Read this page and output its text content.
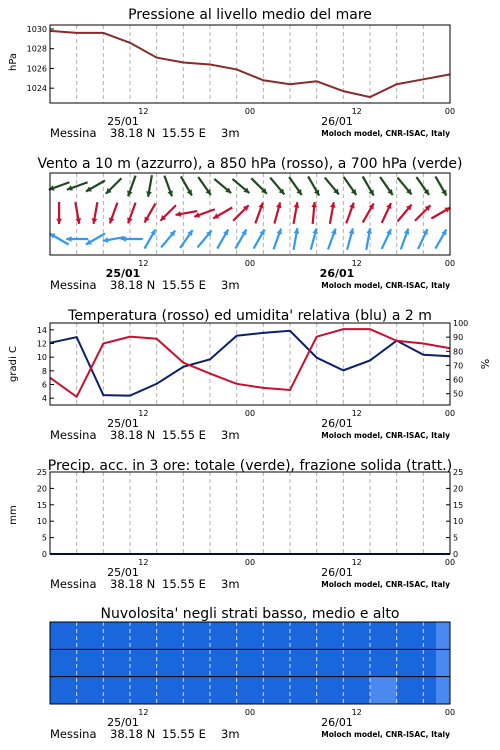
Pressione al livello medio del mare
hPa
1024
1026
1028
1030
12	00	12	00
Vento a 10 m (azzurro), a 850 hPa (rosso), a 700 hPa (verde)
12	00	12	00
Temperatura (rosso) ed umidita' relativa (blu) a 2 m
gradi C	%
4
6
8
10
12
14
50
60
70
80
90
100
12	00	12	00
Precip. acc. in 3 ore: totale (verde), frazione solida (tratt.)
mm
0	0
5	5
10	10
15	15
20	20
25	25
12	00	12	00
Nuvolosita' negli strati basso, medio e alto
12	00	12	00
25/01	26/01
Messina 38.18 N 15.55 E 3m	Moloch model, CNR-ISAC, Italy
25/01	26/01
Messina 38.18 N 15.55 E 3m	Moloch model, CNR-ISAC, Italy
25/01	26/01
Messina 38.18 N 15.55 E 3m	Moloch model, CNR-ISAC, Italy
25/01	26/01
Messina 38.18 N 15.55 E 3m	Moloch model, CNR-ISAC, Italy
25/01	26/01
Messina 38.18 N 15.55 E 3m	Moloch model, CNR-ISAC, Italy
